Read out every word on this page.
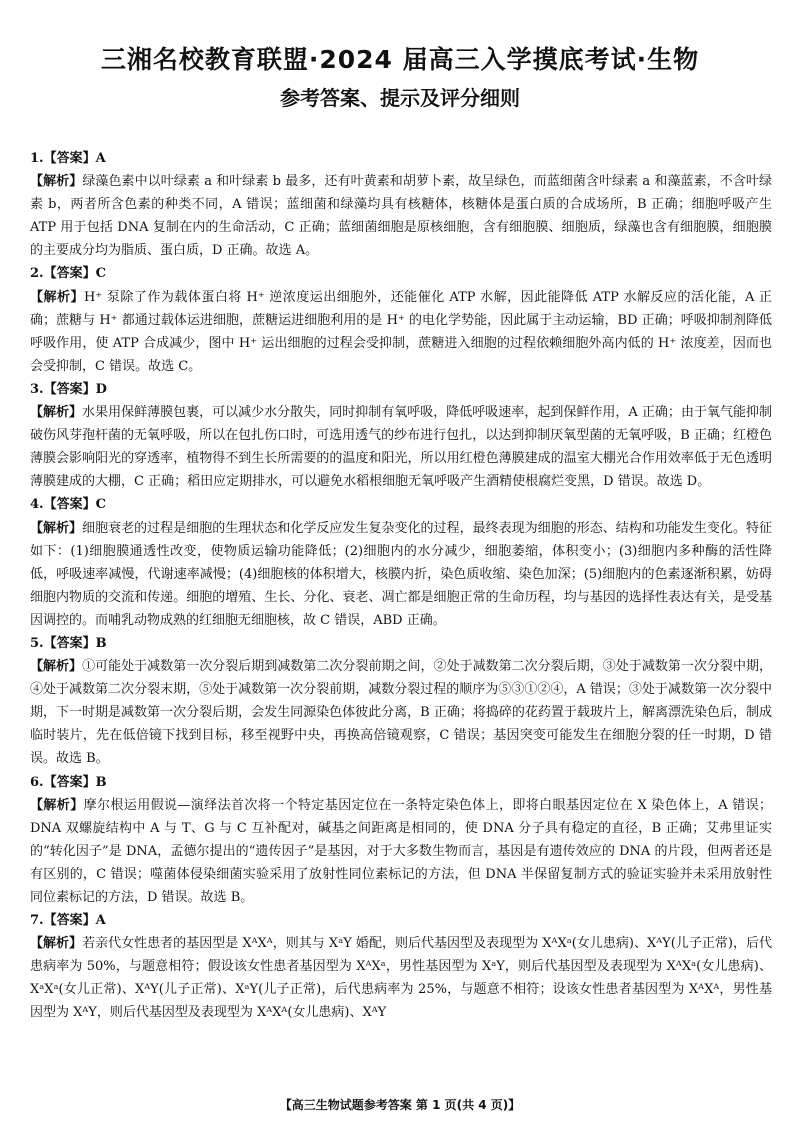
三湘名校教育联盟·2024 届高三入学摸底考试·生物
参考答案、提示及评分细则
1.【答案】A

【解析】绿藻色素中以叶绿素 a 和叶绿素 b 最多，还有叶黄素和胡萝卜素，故呈绿色，而蓝细菌含叶绿素 a 和藻蓝素，不含叶绿素 b，两者所含色素的种类不同，A 错误；蓝细菌和绿藻均具有核糖体，核糖体是蛋白质的合成场所，B 正确；细胞呼吸产生 ATP 用于包括 DNA 复制在内的生命活动，C 正确；蓝细菌细胞是原核细胞，含有细胞膜、细胞质，绿藻也含有细胞膜，细胞膜的主要成分均为脂质、蛋白质，D 正确。故选 A。

2.【答案】C

【解析】H⁺ 泵除了作为载体蛋白将 H⁺ 逆浓度运出细胞外，还能催化 ATP 水解，因此能降低 ATP 水解反应的活化能，A 正确；蔗糖与 H⁺ 都通过载体运进细胞，蔗糖运进细胞利用的是 H⁺ 的电化学势能，因此属于主动运输，BD 正确；呼吸抑制剂降低呼吸作用，使 ATP 合成减少，图中 H⁺ 运出细胞的过程会受抑制，蔗糖进入细胞的过程依赖细胞外高内低的 H⁺ 浓度差，因而也会受抑制，C 错误。故选 C。

3.【答案】D

【解析】水果用保鲜薄膜包裹，可以减少水分散失，同时抑制有氧呼吸，降低呼吸速率，起到保鲜作用，A 正确；由于氧气能抑制破伤风芽孢杆菌的无氧呼吸，所以在包扎伤口时，可选用透气的纱布进行包扎，以达到抑制厌氧型菌的无氧呼吸，B 正确；红橙色薄膜会影响阳光的穿透率，植物得不到生长所需要的的温度和阳光，所以用红橙色薄膜建成的温室大棚光合作用效率低于无色透明薄膜建成的大棚，C 正确；稻田应定期排水，可以避免水稻根细胞无氧呼吸产生酒精使根腐烂变黑，D 错误。故选 D。

4.【答案】C

【解析】细胞衰老的过程是细胞的生理状态和化学反应发生复杂变化的过程，最终表现为细胞的形态、结构和功能发生变化。特征如下：(1)细胞膜通透性改变，使物质运输功能降低；(2)细胞内的水分减少，细胞萎缩，体积变小；(3)细胞内多种酶的活性降低，呼吸速率减慢，代谢速率减慢；(4)细胞核的体积增大，核膜内折，染色质收缩、染色加深；(5)细胞内的色素逐渐积累，妨碍细胞内物质的交流和传递。细胞的增殖、生长、分化、衰老、凋亡都是细胞正常的生命历程，均与基因的选择性表达有关，是受基因调控的。而哺乳动物成熟的红细胞无细胞核，故 C 错误，ABD 正确。

5.【答案】B

【解析】①可能处于减数第一次分裂后期到减数第二次分裂前期之间，②处于减数第二次分裂后期，③处于减数第一次分裂中期，④处于减数第二次分裂末期，⑤处于减数第一次分裂前期，减数分裂过程的顺序为⑤③①②④，A 错误；③处于减数第一次分裂中期，下一时期是减数第一次分裂后期，会发生同源染色体彼此分离，B 正确；将捣碎的花药置于载玻片上，解离漂洗染色后，制成临时装片，先在低倍镜下找到目标，移至视野中央，再换高倍镜观察，C 错误；基因突变可能发生在细胞分裂的任一时期，D 错误。故选 B。

6.【答案】B

【解析】摩尔根运用假说—演绎法首次将一个特定基因定位在一条特定染色体上，即将白眼基因定位在 X 染色体上，A 错误；DNA 双螺旋结构中 A 与 T、G 与 C 互补配对，碱基之间距离是相同的，使 DNA 分子具有稳定的直径，B 正确；艾弗里证实的“转化因子”是 DNA，孟德尔提出的“遗传因子”是基因，对于大多数生物而言，基因是有遗传效应的 DNA 的片段，但两者还是有区别的，C 错误；噬菌体侵染细菌实验采用了放射性同位素标记的方法，但 DNA 半保留复制方式的验证实验并未采用放射性同位素标记的方法，D 错误。故选 B。

7.【答案】A

【解析】若亲代女性患者的基因型是 XᴬXᴬ，则其与 XᵃY 婚配，则后代基因型及表现型为 XᴬXᵃ(女儿患病)、XᴬY(儿子正常)，后代患病率为 50%，与题意相符；假设该女性患者基因型为 XᴬXᵃ，男性基因型为 XᵃY，则后代基因型及表现型为 XᴬXᵃ(女儿患病)、XᵃXᵃ(女儿正常)、XᴬY(儿子正常)、XᵃY(儿子正常)，后代患病率为 25%，与题意不相符；设该女性患者基因型为 XᴬXᴬ，男性基因型为 XᴬY，则后代基因型及表现型为 XᴬXᴬ(女儿患病)、XᴬY

【高三生物试题参考答案 第 1 页(共 4 页)】
